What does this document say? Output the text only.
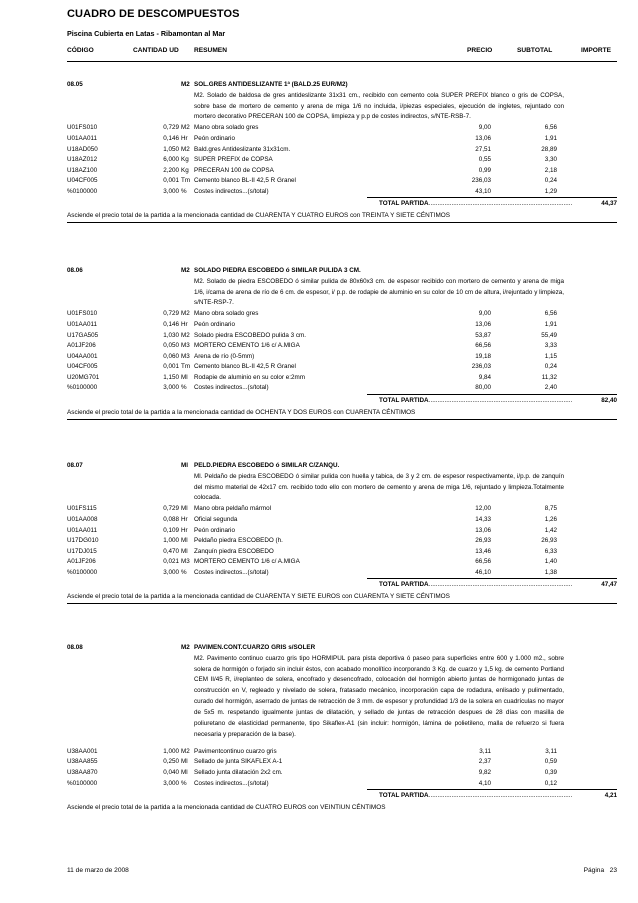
CUADRO DE DESCOMPUESTOS
Piscina Cubierta en Latas - Ribamontan al Mar
CÓDIGO	CANTIDAD UD RESUMEN	PRECIO	SUBTOTAL	IMPORTE
08.05	M2 SOL.GRES ANTIDESLIZANTE 1ª (BALD.25 EUR/M2)
M2. Solado de baldosa de gres antideslizante 31x31 cm., recibido con cemento cola SUPER PREFIX blanco o gris de COPSA, sobre base de mortero de cemento y arena de miga 1/6 no incluida, i/piezas especiales, ejecución de ingletes, rejuntado con mortero decorativo PRECERAN 100 de COPSA, limpieza y p.p de costes indirectos, s/NTE-RSB-7.
U01FS010	0,729 M2 Mano obra solado gres	9,00	6,56
U01AA011	0,146 Hr Peón ordinario	13,06	1,91
U18AD050	1,050 M2 Bald.gres Antideslizante 31x31cm.	27,51	28,89
U18AZ012	6,000 Kg SUPER PREFIX de COPSA	0,55	3,30
U18AZ100	2,200 Kg PRECERAN 100 de COPSA	0,99	2,18
U04CF005	0,001 Tm Cemento blanco BL-II 42,5 R Granel	236,03	0,24
%0100000	3,000 % Costes indirectos...(s/total)	43,10	1,29
TOTAL PARTIDA
...................................................................................	44,37
Asciende el precio total de la partida a la mencionada cantidad de CUARENTA Y CUATRO EUROS con TREINTA Y SIETE CÉNTIMOS
08.06	M2 SOLADO PIEDRA ESCOBEDO ó SIMILAR PULIDA 3 CM.
M2. Solado de piedra ESCOBEDO ó similar pulida de 80x60x3 cm. de espesor recibido con mortero de cemento y arena de miga 1/6, i/cama de arena de río de 6 cm. de espesor, i/ p.p. de rodapie de aluminio en su color de 10 cm de altura, i/rejuntado y limpieza, s/NTE-RSP-7.
U01FS010	0,729 M2 Mano obra solado gres	9,00	6,56
U01AA011	0,146 Hr Peón ordinario	13,06	1,91
U17GA505	1,030 M2 Solado piedra ESCOBEDO pulida 3 cm.	53,87	55,49
A01JF206	0,050 M3 MORTERO CEMENTO 1/6 c/ A.MIGA	66,56	3,33
U04AA001	0,060 M3 Arena de río (0-5mm)	19,18	1,15
U04CF005	0,001 Tm Cemento blanco BL-II 42,5 R Granel	236,03	0,24
U20MG701	1,150 Ml Rodapie de aluminio en su color e:2mm	9,84	11,32
%0100000	3,000 % Costes indirectos...(s/total)	80,00	2,40
TOTAL PARTIDA
...................................................................................	82,40
Asciende el precio total de la partida a la mencionada cantidad de OCHENTA Y DOS EUROS con CUARENTA CÉNTIMOS
08.07	Ml PELD.PIEDRA ESCOBEDO ó SIMILAR C/ZANQU.
Ml. Peldaño de piedra ESCOBEDO ó similar pulida con huella y tabica, de 3 y 2 cm. de espesor respectivamente, i/p.p. de zanquín del mismo material de 42x17 cm. recibido todo ello con mortero de cemento y arena de miga 1/6, rejuntado y limpieza.Totalmente colocada.
U01FS115	0,729 Ml Mano obra peldaño mármol	12,00	8,75
U01AA008	0,088 Hr Oficial segunda	14,33	1,26
U01AA011	0,109 Hr Peón ordinario	13,06	1,42
U17DG010	1,000 Ml Peldaño piedra ESCOBEDO (h.	26,93	26,93
U17DJ015	0,470 Ml Zanquín piedra ESCOBEDO	13,46	6,33
A01JF206	0,021 M3 MORTERO CEMENTO 1/6 c/ A.MIGA	66,56	1,40
%0100000	3,000 % Costes indirectos...(s/total)	46,10	1,38
TOTAL PARTIDA
...................................................................................	47,47
Asciende el precio total de la partida a la mencionada cantidad de CUARENTA Y SIETE EUROS con CUARENTA Y SIETE CÉNTIMOS
08.08	M2 PAVIMEN.CONT.CUARZO GRIS s/SOLER
M2. Pavimento continuo cuarzo gris tipo HORMIPUL para pista deportiva ó paseo para superficies entre 600 y 1.000 m2., sobre solera de hormigón o forjado sin incluir éstos, con acabado monolítico incorporando 3 Kg. de cuarzo y 1,5 kg. de cemento Portland CEM II/45 R, i/replanteo de solera, encofrado y desencofrado, colocación del hormigón abierto juntas de hormigonado juntas de construcción en V, regleado y nivelado de solera, fratasado mecánico, incorporación capa de rodadura, enlisado y pulimentado, curado del hormigón, aserrado de juntas de retracción de 3 mm. de espesor y profundidad 1/3 de la solera en cuadrículas no mayor de 5x5 m. respetando igualmente juntas de dilatación, y sellado de juntas de retracción despues de 28 días con masilla de poliuretano de elasticidad permanente, tipo Sikaflex-A1 (sin incluir: hormigón, lámina de polietileno, malla de refuerzo si fuera necesaria y preparación de la base).
U38AA001	1,000 M2 Pavimentcontinuo cuarzo gris	3,11	3,11
U38AA855	0,250 Ml Sellado de junta SIKAFLEX A-1	2,37	0,59
U38AA870	0,040 Ml Sellado junta dilatación 2x2 cm.	9,82	0,39
%0100000	3,000 % Costes indirectos...(s/total)	4,10	0,12
TOTAL PARTIDA
...................................................................................	4,21
Asciende el precio total de la partida a la mencionada cantidad de CUATRO EUROS con VEINTIUN CÉNTIMOS
11 de marzo de 2008	Página 23
